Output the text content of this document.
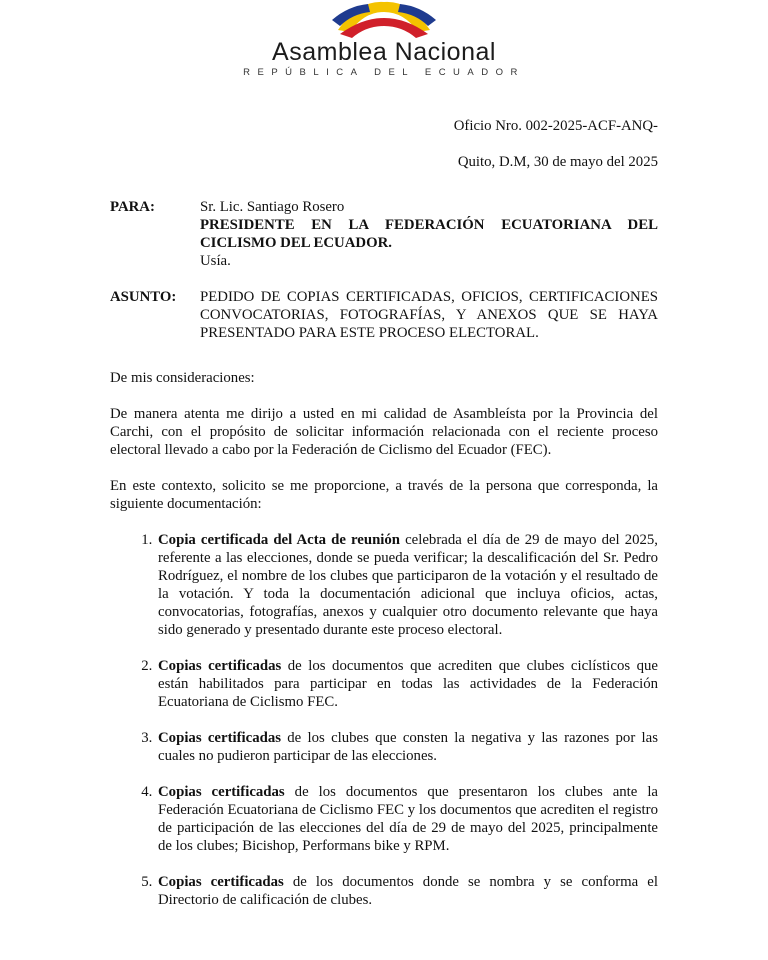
Asamblea Nacional
REPÚBLICA DEL ECUADOR
Oficio Nro. 002-2025-ACF-ANQ-
Quito, D.M, 30 de mayo del 2025
PARA:	Sr. Lic. Santiago Rosero
PRESIDENTE EN LA FEDERACIÓN ECUATORIANA DEL CICLISMO DEL ECUADOR.
Usía.
ASUNTO:	PEDIDO DE COPIAS CERTIFICADAS, OFICIOS, CERTIFICACIONES CONVOCATORIAS, FOTOGRAFÍAS, Y ANEXOS QUE SE HAYA PRESENTADO PARA ESTE PROCESO ELECTORAL.

De mis consideraciones:

De manera atenta me dirijo a usted en mi calidad de Asambleísta por la Provincia del Carchi, con el propósito de solicitar información relacionada con el reciente proceso electoral llevado a cabo por la Federación de Ciclismo del Ecuador (FEC).

En este contexto, solicito se me proporcione, a través de la persona que corresponda, la siguiente documentación:

1. Copia certificada del Acta de reunión celebrada el día de 29 de mayo del 2025, referente a las elecciones, donde se pueda verificar; la descalificación del Sr. Pedro Rodríguez, el nombre de los clubes que participaron de la votación y el resultado de la votación. Y toda la documentación adicional que incluya oficios, actas, convocatorias, fotografías, anexos y cualquier otro documento relevante que haya sido generado y presentado durante este proceso electoral.
2. Copias certificadas de los documentos que acrediten que clubes ciclísticos que están habilitados para participar en todas las actividades de la Federación Ecuatoriana de Ciclismo FEC.
3. Copias certificadas de los clubes que consten la negativa y las razones por las cuales no pudieron participar de las elecciones.
4. Copias certificadas de los documentos que presentaron los clubes ante la Federación Ecuatoriana de Ciclismo FEC y los documentos que acrediten el registro de participación de las elecciones del día de 29 de mayo del 2025, principalmente de los clubes; Bicishop, Performans bike y RPM.
5. Copias certificadas de los documentos donde se nombra y se conforma el Directorio de calificación de clubes.
